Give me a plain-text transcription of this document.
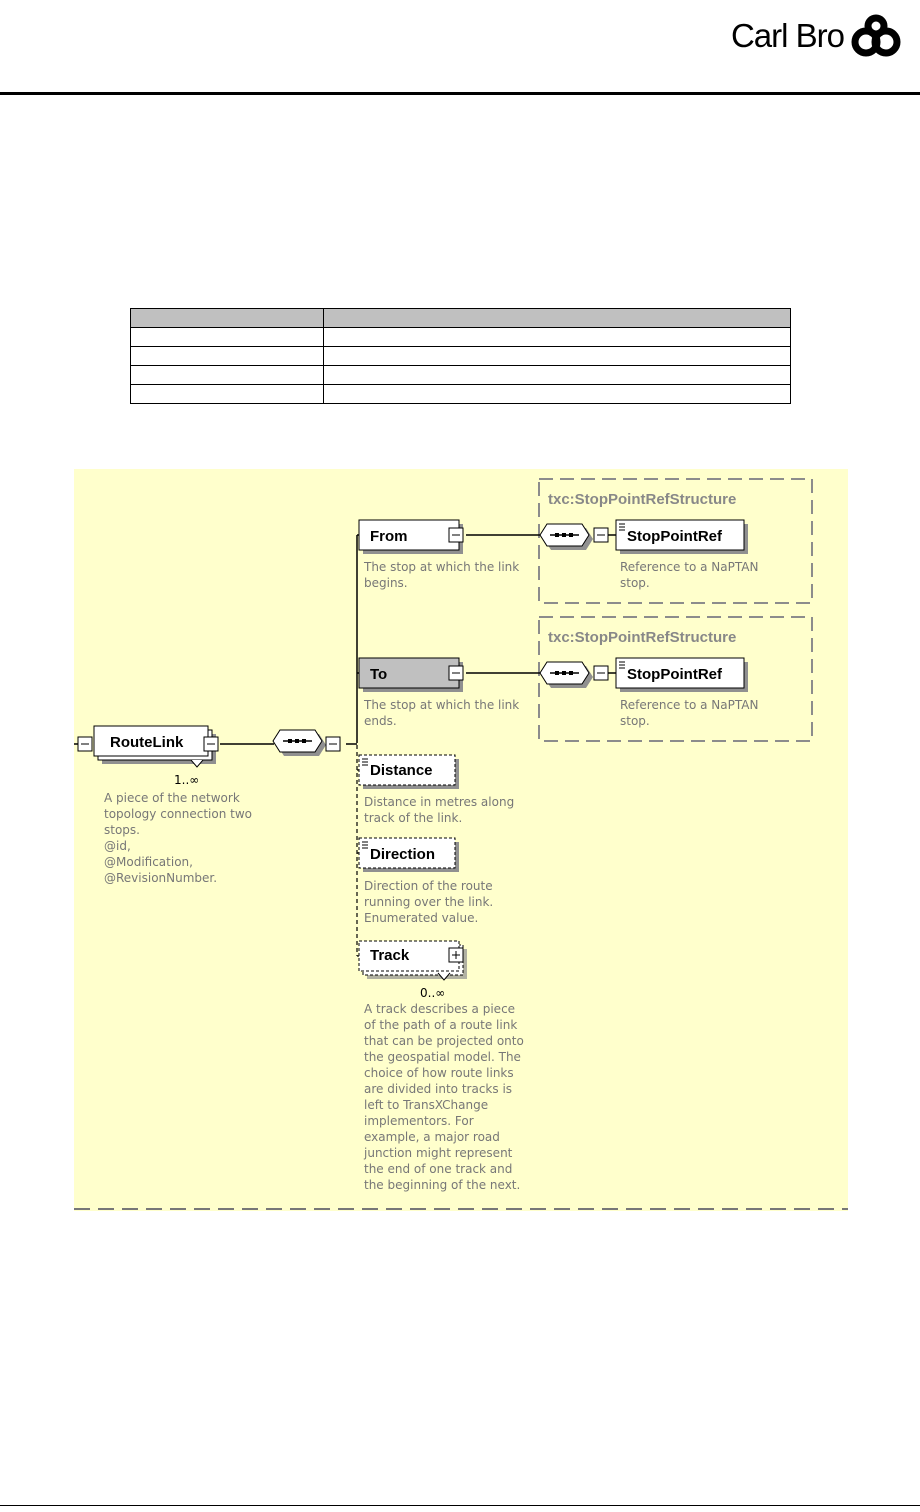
Carl Bro

txc:StopPointRefStructure
txc:StopPointRefStructure
RouteLink
1..∞
A piece of the network topology connection two stops. @id, @Modification, @RevisionNumber.
From
The stop at which the link begins.
To
The stop at which the link ends.
Distance
Distance in metres along track of the link.
Direction
Direction of the route running over the link. Enumerated value.
Track
0..∞
A track describes a piece of the path of a route link that can be projected onto the geospatial model. The choice of how route links are divided into tracks is left to TransXChange implementors. For example, a major road junction might represent the end of one track and the beginning of the next.
StopPointRef
Reference to a NaPTAN stop.
StopPointRef
Reference to a NaPTAN stop.
